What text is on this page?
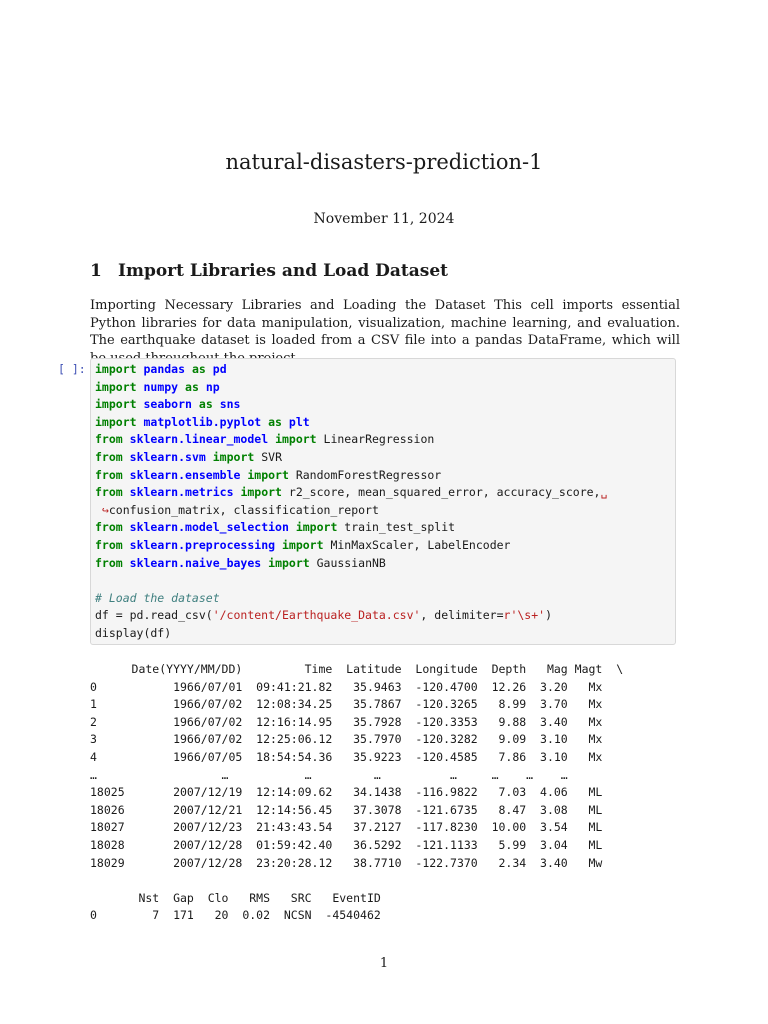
natural-disasters-prediction-1
November 11, 2024
1 Import Libraries and Load Dataset
Importing Necessary Libraries and Loading the Dataset This cell imports essential Python libraries for data manipulation, visualization, machine learning, and evaluation. The earthquake dataset is loaded from a CSV file into a pandas DataFrame, which will
[ ]: import pandas as pd
import numpy as np
import seaborn as sns
import matplotlib.pyplot as plt
from sklearn.linear_model import LinearRegression
from sklearn.svm import SVR
from sklearn.ensemble import RandomForestRegressor
from sklearn.metrics import r2_score, mean_squared_error, accuracy_score,␣
↪confusion_matrix, classification_report
from sklearn.model_selection import train_test_split
from sklearn.preprocessing import MinMaxScaler, LabelEncoder
from sklearn.naive_bayes import GaussianNB

# Load the dataset
df = pd.read_csv('/content/Earthquake_Data.csv', delimiter=r'\s+')
display(df)
Date(YYYY/MM/DD)         Time  Latitude  Longitude  Depth   Mag Magt  \
0           1966/07/01  09:41:21.82   35.9463  -120.4700  12.26  3.20   Mx
1           1966/07/02  12:08:34.25   35.7867  -120.3265   8.99  3.70   Mx
2           1966/07/02  12:16:14.95   35.7928  -120.3353   9.88  3.40   Mx
3           1966/07/02  12:25:06.12   35.7970  -120.3282   9.09  3.10   Mx
4           1966/07/05  18:54:54.36   35.9223  -120.4585   7.86  3.10   Mx
…                  …           …         …          …     …    …    …
18025       2007/12/19  12:14:09.62   34.1438  -116.9822   7.03  4.06   ML
18026       2007/12/21  12:14:56.45   37.3078  -121.6735   8.47  3.08   ML
18027       2007/12/23  21:43:43.54   37.2127  -117.8230  10.00  3.54   ML
18028       2007/12/28  01:59:42.40   36.5292  -121.1133   5.99  3.04   ML
18029       2007/12/28  23:20:28.12   38.7710  -122.7370   2.34  3.40   Mw

Nst  Gap  Clo   RMS   SRC   EventID
0        7  171   20  0.02  NCSN  -4540462
1
